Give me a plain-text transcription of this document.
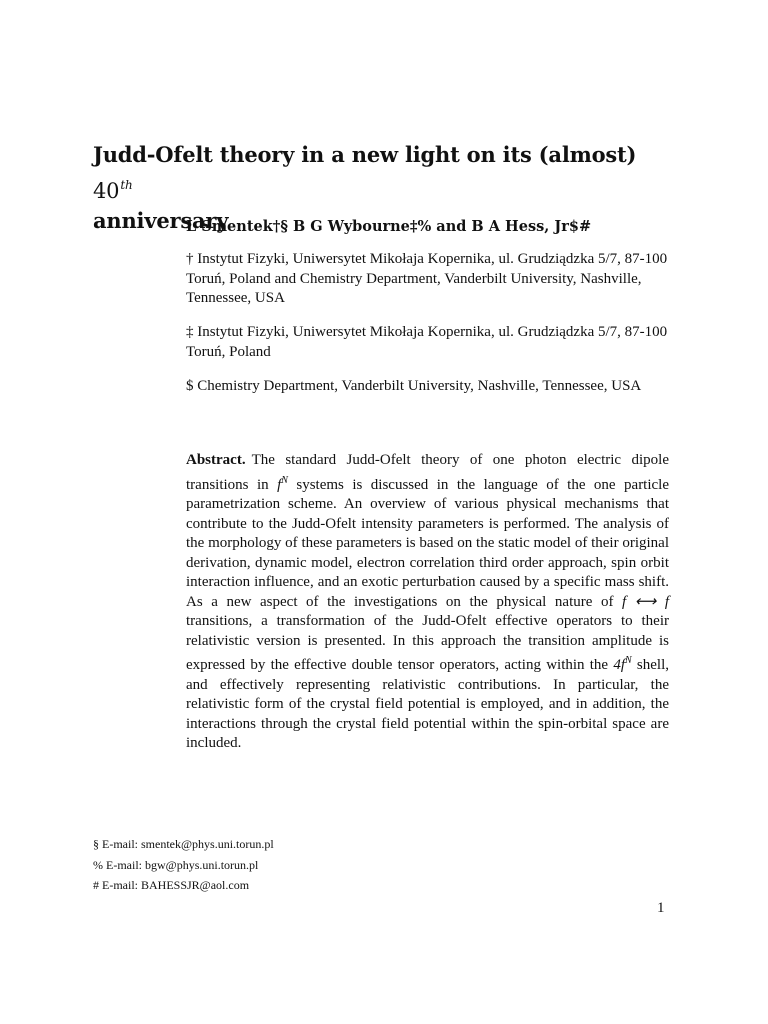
Judd-Ofelt theory in a new light on its (almost) 40th
anniversary
L Smentek†§ B G Wybourne‡% and B A Hess, Jr$#
† Instytut Fizyki, Uniwersytet Mikołaja Kopernika, ul. Grudziądzka 5/7, 87-100 Toruń, Poland and Chemistry Department, Vanderbilt University, Nashville, Tennessee, USA
‡ Instytut Fizyki, Uniwersytet Mikołaja Kopernika, ul. Grudziądzka 5/7, 87-100 Toruń, Poland
$ Chemistry Department, Vanderbilt University, Nashville, Tennessee, USA
Abstract. The standard Judd-Ofelt theory of one photon electric dipole transitions in $f^N$ systems is discussed in the language of the one particle parametrization scheme. An overview of various physical mechanisms that contribute to the Judd-Ofelt intensity parameters is performed. The analysis of the morphology of these parameters is based on the static model of their original derivation, dynamic model, electron correlation third order approach, spin orbit interaction influence, and an exotic perturbation caused by a specific mass shift. As a new aspect of the investigations on the physical nature of f ⟷ f transitions, a transformation of the Judd-Ofelt effective operators to their relativistic version is presented. In this approach the transition amplitude is expressed by the effective double tensor operators, acting within the $4f^N$ shell, and effectively representing relativistic contributions. In particular, the relativistic form of the crystal field potential is employed, and in addition, the interactions through the crystal field potential within the spin-orbital space are included.
§ E-mail: smentek@phys.uni.torun.pl
% E-mail: bgw@phys.uni.torun.pl
# E-mail: BAHESSJR@aol.com
1
